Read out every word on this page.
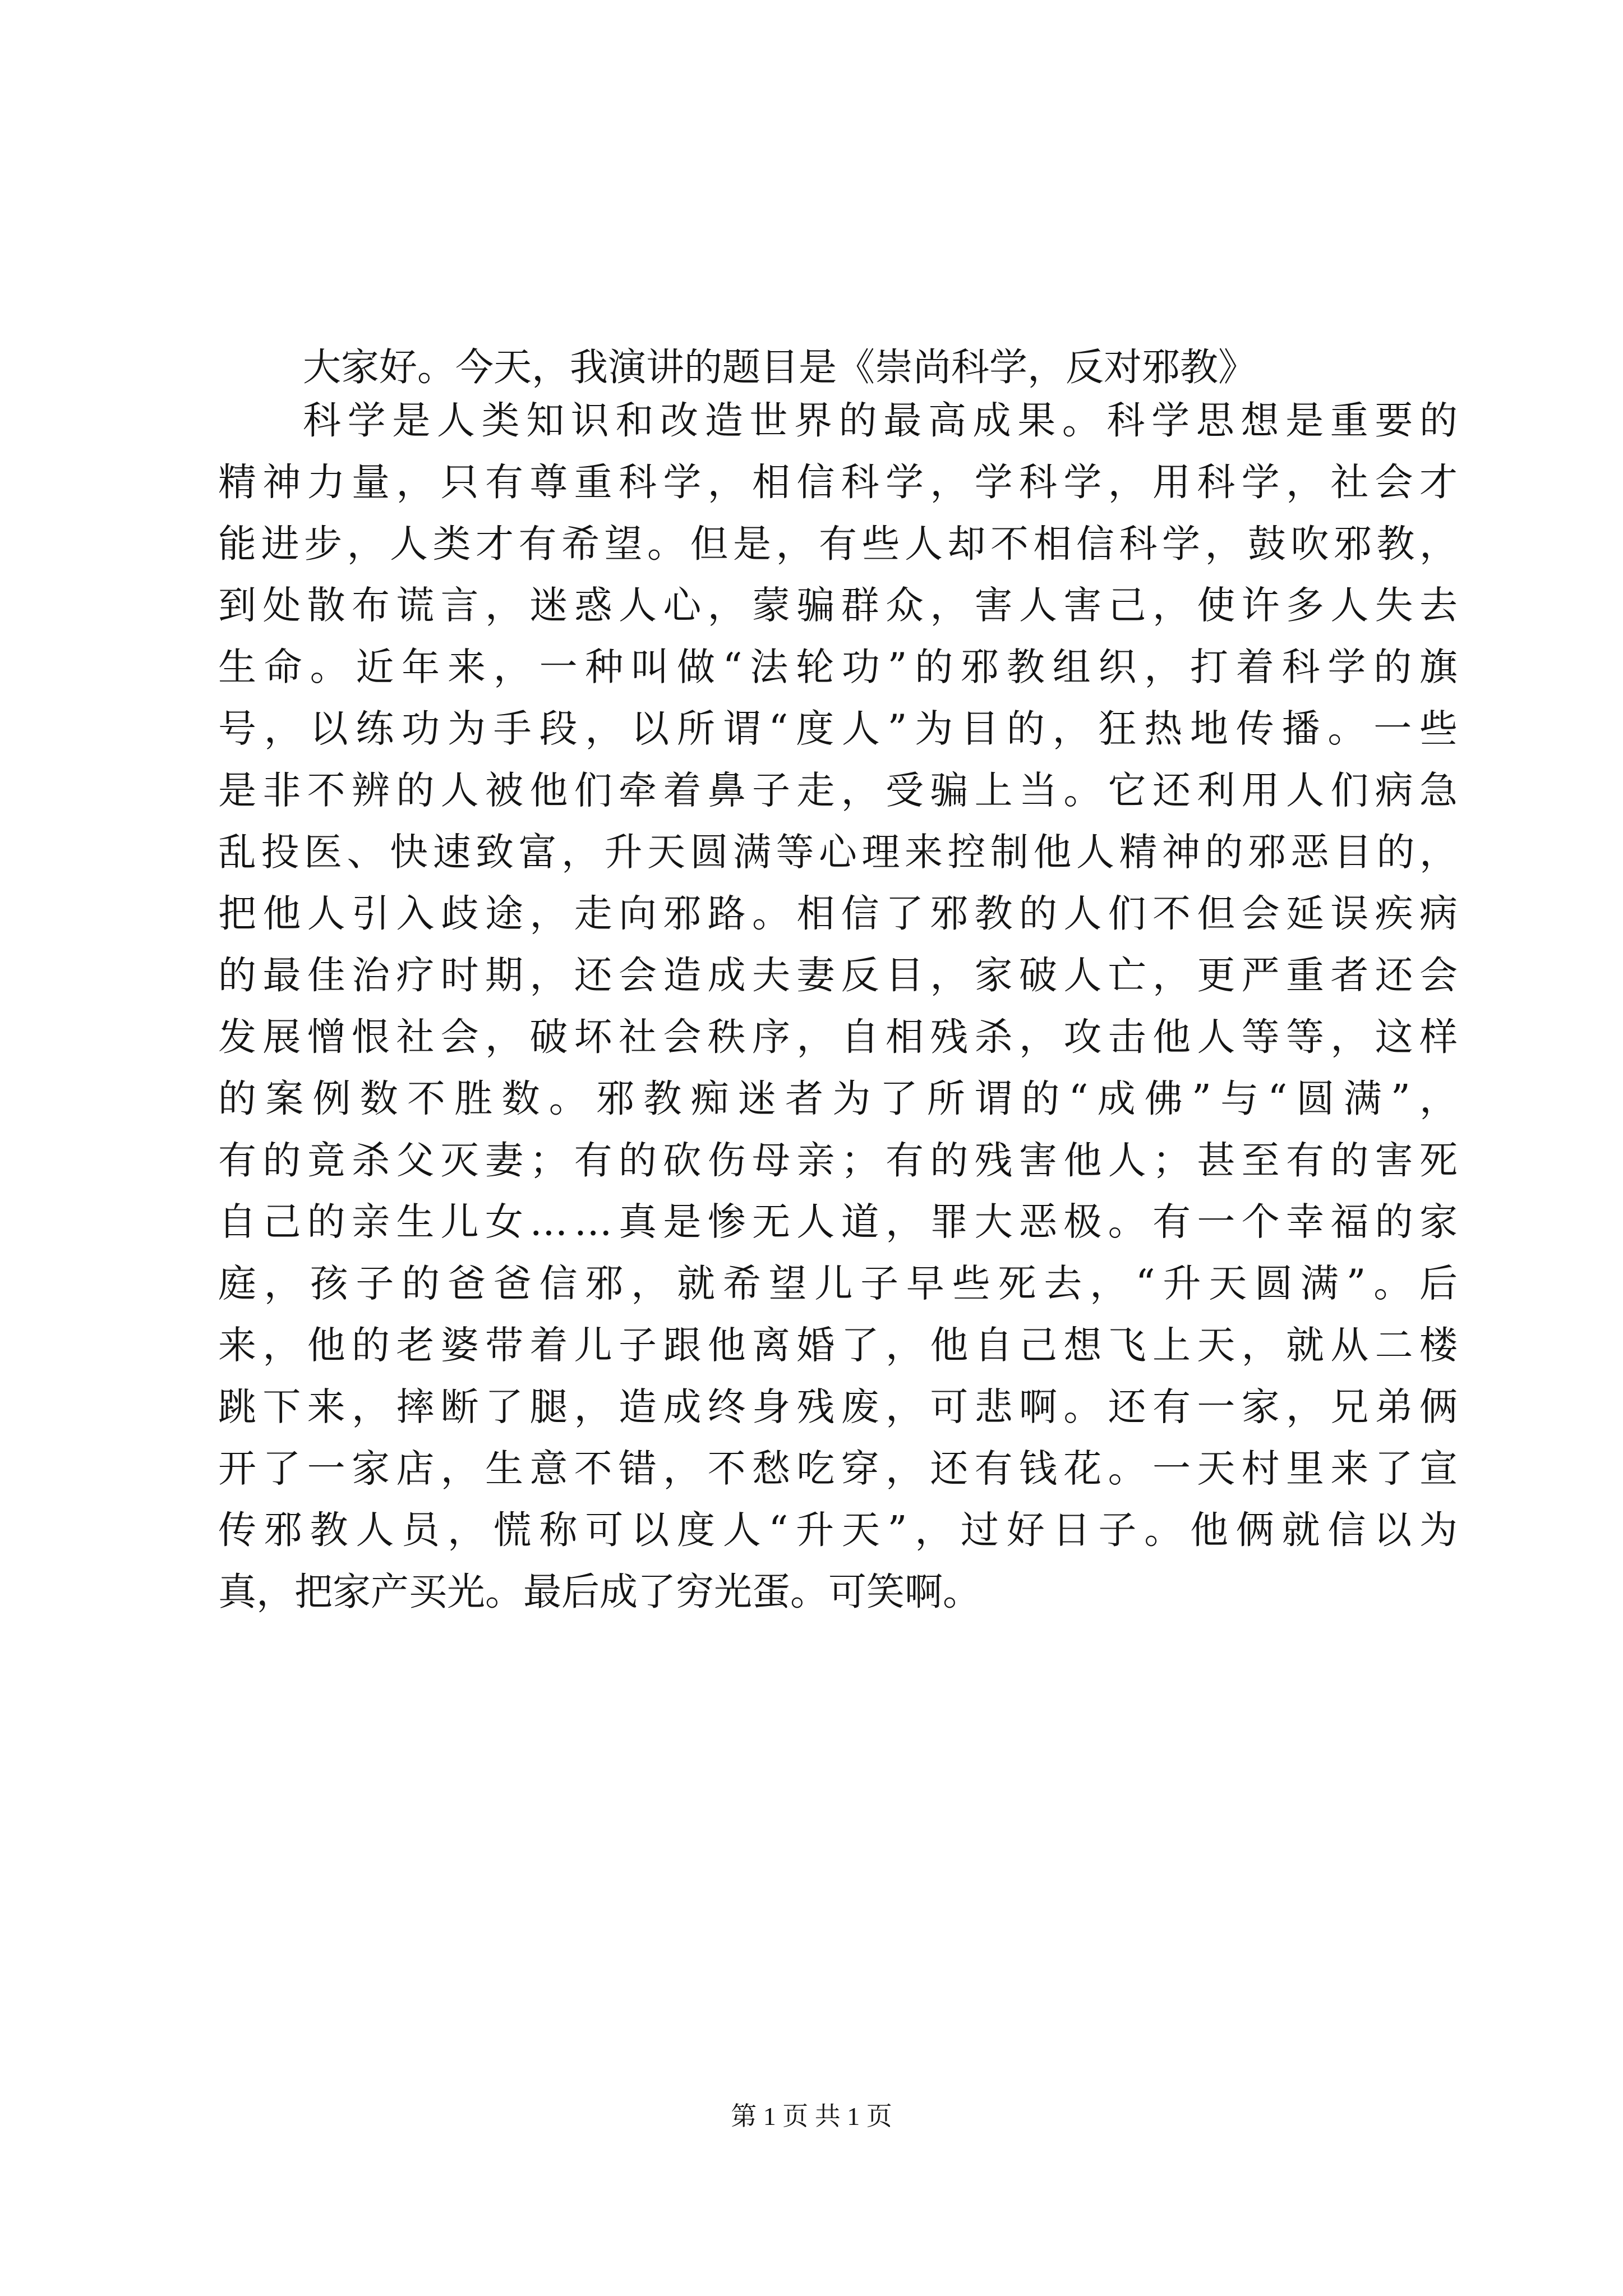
大家好。今天，我演讲的题目是《崇尚科学，反对邪教》
科学是人类知识和改造世界的最高成果。科学思想是重要的
精神力量，只有尊重科学，相信科学，学科学，用科学，社会才
能进步，人类才有希望。但是，有些人却不相信科学，鼓吹邪教，
到处散布谎言，迷惑人心，蒙骗群众，害人害己，使许多人失去
生命。近年来，一种叫做“法轮功”的邪教组织，打着科学的旗
号，以练功为手段，以所谓“度人”为目的，狂热地传播。一些
是非不辨的人被他们牵着鼻子走，受骗上当。它还利用人们病急
乱投医、快速致富，升天圆满等心理来控制他人精神的邪恶目的，
把他人引入歧途，走向邪路。相信了邪教的人们不但会延误疾病
的最佳治疗时期，还会造成夫妻反目，家破人亡，更严重者还会
发展憎恨社会，破坏社会秩序，自相残杀，攻击他人等等，这样
的案例数不胜数。邪教痴迷者为了所谓的“成佛”与“圆满”，
有的竟杀父灭妻；有的砍伤母亲；有的残害他人；甚至有的害死
自己的亲生儿女……真是惨无人道，罪大恶极。有一个幸福的家
庭，孩子的爸爸信邪，就希望儿子早些死去，“升天圆满”。后
来，他的老婆带着儿子跟他离婚了，他自己想飞上天，就从二楼
跳下来，摔断了腿，造成终身残废，可悲啊。还有一家，兄弟俩
开了一家店，生意不错，不愁吃穿，还有钱花。一天村里来了宣
传邪教人员，慌称可以度人“升天”，过好日子。他俩就信以为
真，把家产买光。最后成了穷光蛋。可笑啊。
第 1 页 共 1 页
